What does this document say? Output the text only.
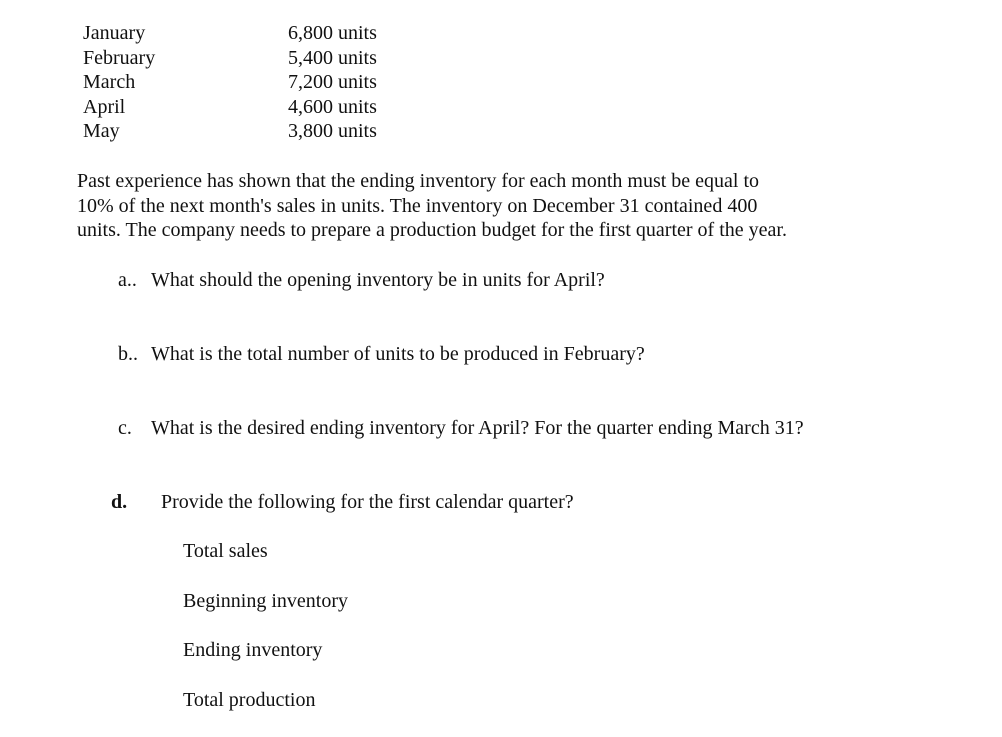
January	6,800 units
February	5,400 units
March	7,200 units
April	4,600 units
May	3,800 units
Past experience has shown that the ending inventory for each month must be equal to
10% of the next month's sales in units. The inventory on December 31 contained 400
units. The company needs to prepare a production budget for the first quarter of the year.
a.. What should the opening inventory be in units for April?
b.. What is the total number of units to be produced in February?
c. What is the desired ending inventory for April? For the quarter ending March 31?
d. Provide the following for the first calendar quarter?
Total sales
Beginning inventory
Ending inventory
Total production
